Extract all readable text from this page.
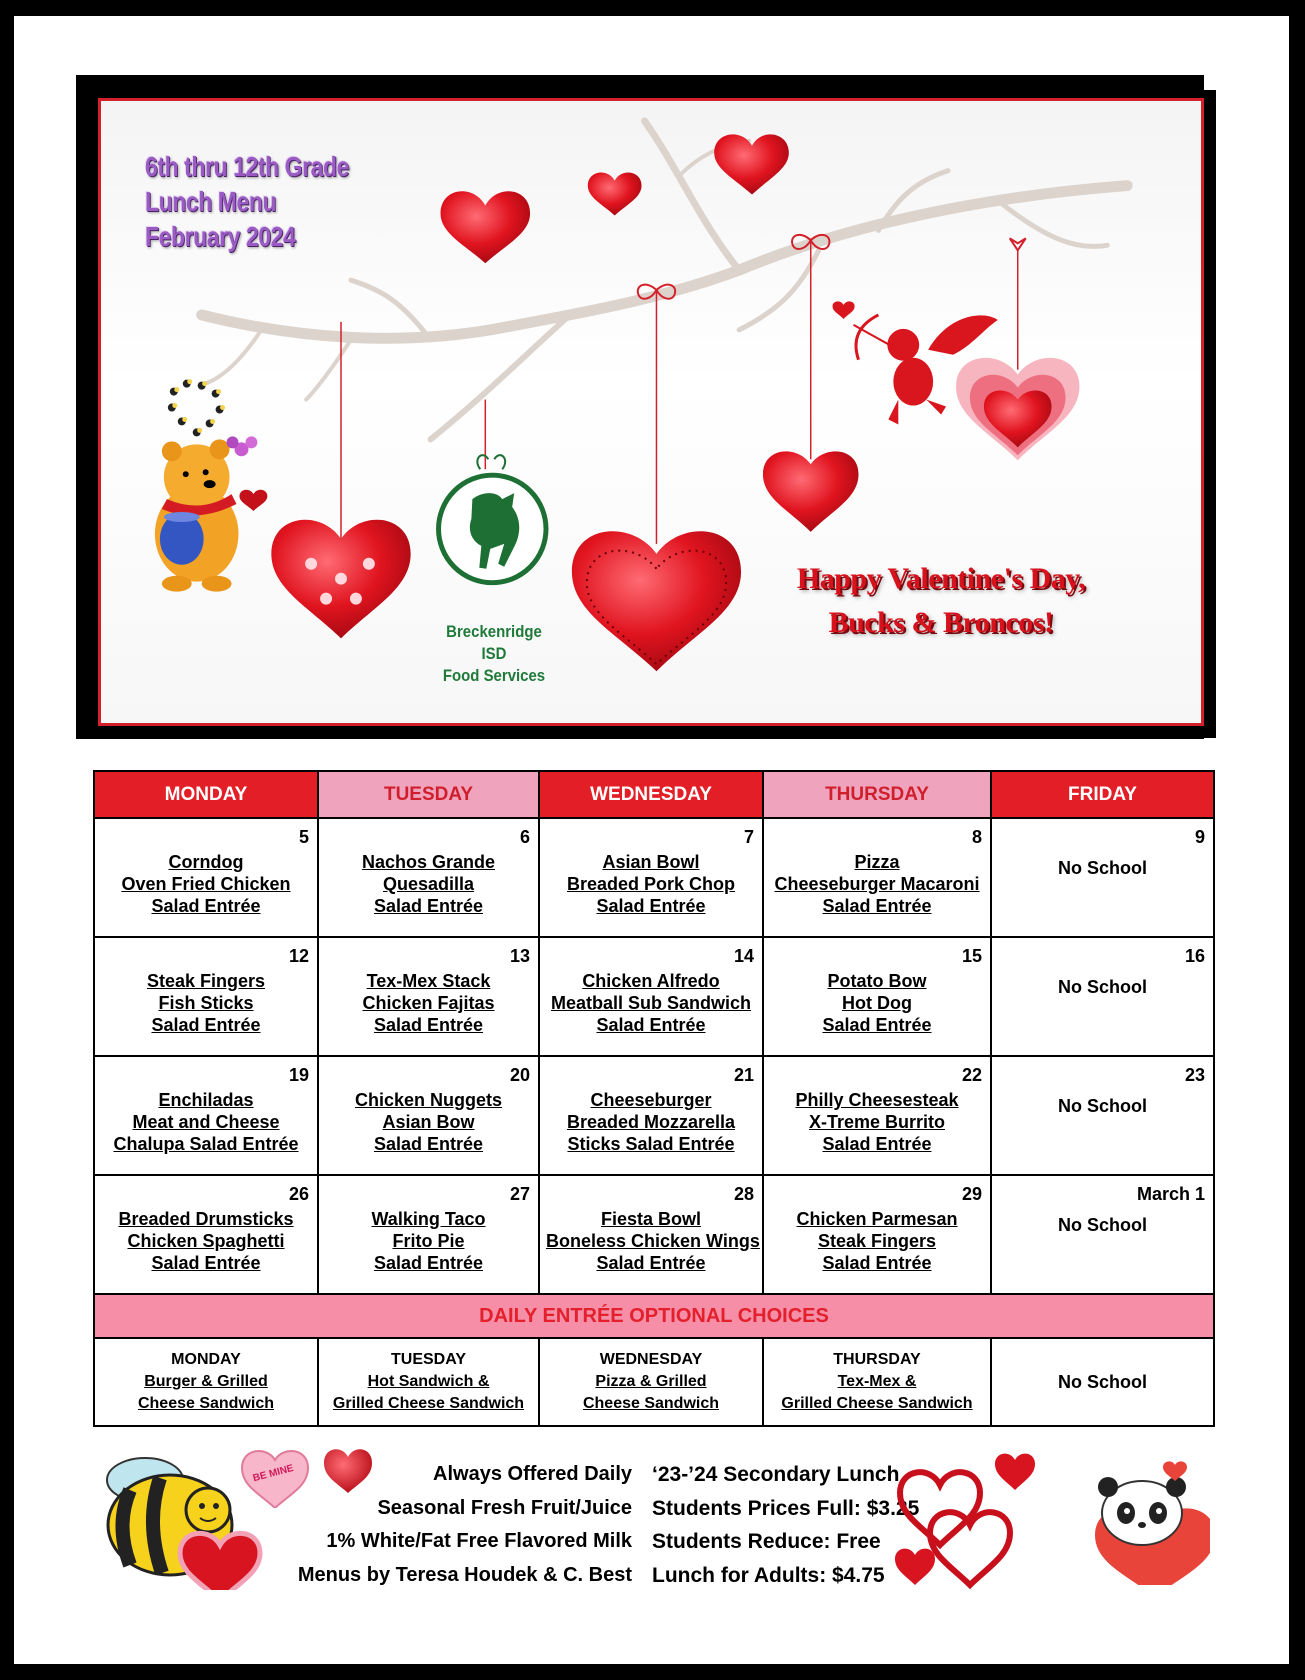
6th thru 12th Grade
Lunch Menu
February 2024
Breckenridge ISD
Food Services
Happy Valentine's Day,
Bucks & Broncos!
MONDAY	TUESDAY	WEDNESDAY	THURSDAY	FRIDAY

5
Corndog
Oven Fried Chicken
Salad Entrée	6
Nachos Grande
Quesadilla
Salad Entrée	7
Asian Bowl
Breaded Pork Chop
Salad Entrée	8
Pizza
Cheeseburger Macaroni
Salad Entrée	9
No School

12
Steak Fingers
Fish Sticks
Salad Entrée	13
Tex-Mex Stack
Chicken Fajitas
Salad Entrée	14
Chicken Alfredo
Meatball Sub Sandwich
Salad Entrée	15
Potato Bow
Hot Dog
Salad Entrée	16
No School

19
Enchiladas
Meat and Cheese
Chalupa Salad Entrée	20
Chicken Nuggets
Asian Bow
Salad Entrée	21
Cheeseburger
Breaded Mozzarella
Sticks Salad Entrée	22
Philly Cheesesteak
X-Treme Burrito
Salad Entrée	23
No School

26
Breaded Drumsticks
Chicken Spaghetti
Salad Entrée	27
Walking Taco
Frito Pie
Salad Entrée	28
Fiesta Bowl
Boneless Chicken Wings
Salad Entrée	29
Chicken Parmesan
Steak Fingers
Salad Entrée	March 1
No School

DAILY ENTRÉE OPTIONAL CHOICES				

MONDAY
Burger & Grilled
Cheese Sandwich	TUESDAY
Hot Sandwich &
Grilled Cheese Sandwich	WEDNESDAY
Pizza & Grilled
Cheese Sandwich	THURSDAY
Tex-Mex &
Grilled Cheese Sandwich	No School
Always Offered Daily
Seasonal Fresh Fruit/Juice
1% White/Fat Free Flavored Milk
Menus by Teresa Houdek & C. Best
‘23-’24 Secondary Lunch
Students Prices Full: $3.25
Students Reduce: Free
Lunch for Adults: $4.75
BE MINE
